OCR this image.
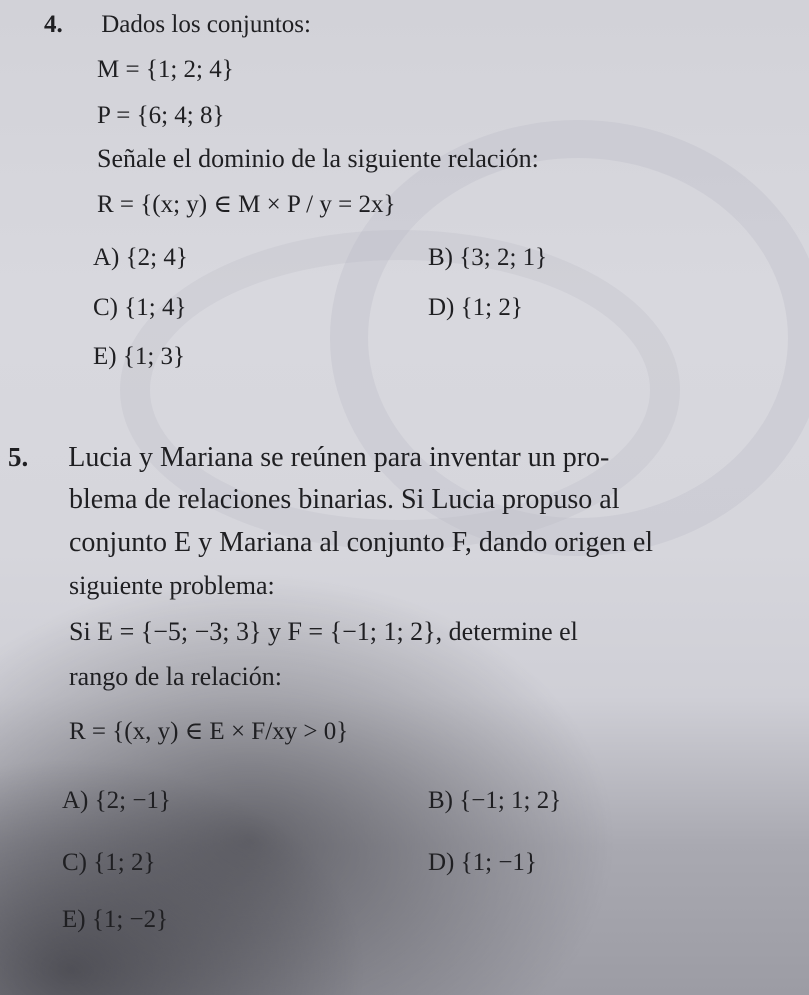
4. Dados los conjuntos:
M = {1; 2; 4}
P = {6; 4; 8}
Señale el dominio de la siguiente relación:
R = {(x; y) ∈ M × P / y = 2x}
A) {2; 4}	B) {3; 2; 1}
C) {1; 4}	D) {1; 2}
E) {1; 3}
5. Lucia y Mariana se reúnen para inventar un pro-
blema de relaciones binarias. Si Lucia propuso al
conjunto E y Mariana al conjunto F, dando origen el
siguiente problema:
Si E = {−5; −3; 3} y F = {−1; 1; 2}, determine el
rango de la relación:
R = {(x, y) ∈ E × F/xy > 0}
A) {2; −1}	B) {−1; 1; 2}
C) {1; 2}	D) {1; −1}
E) {1; −2}
